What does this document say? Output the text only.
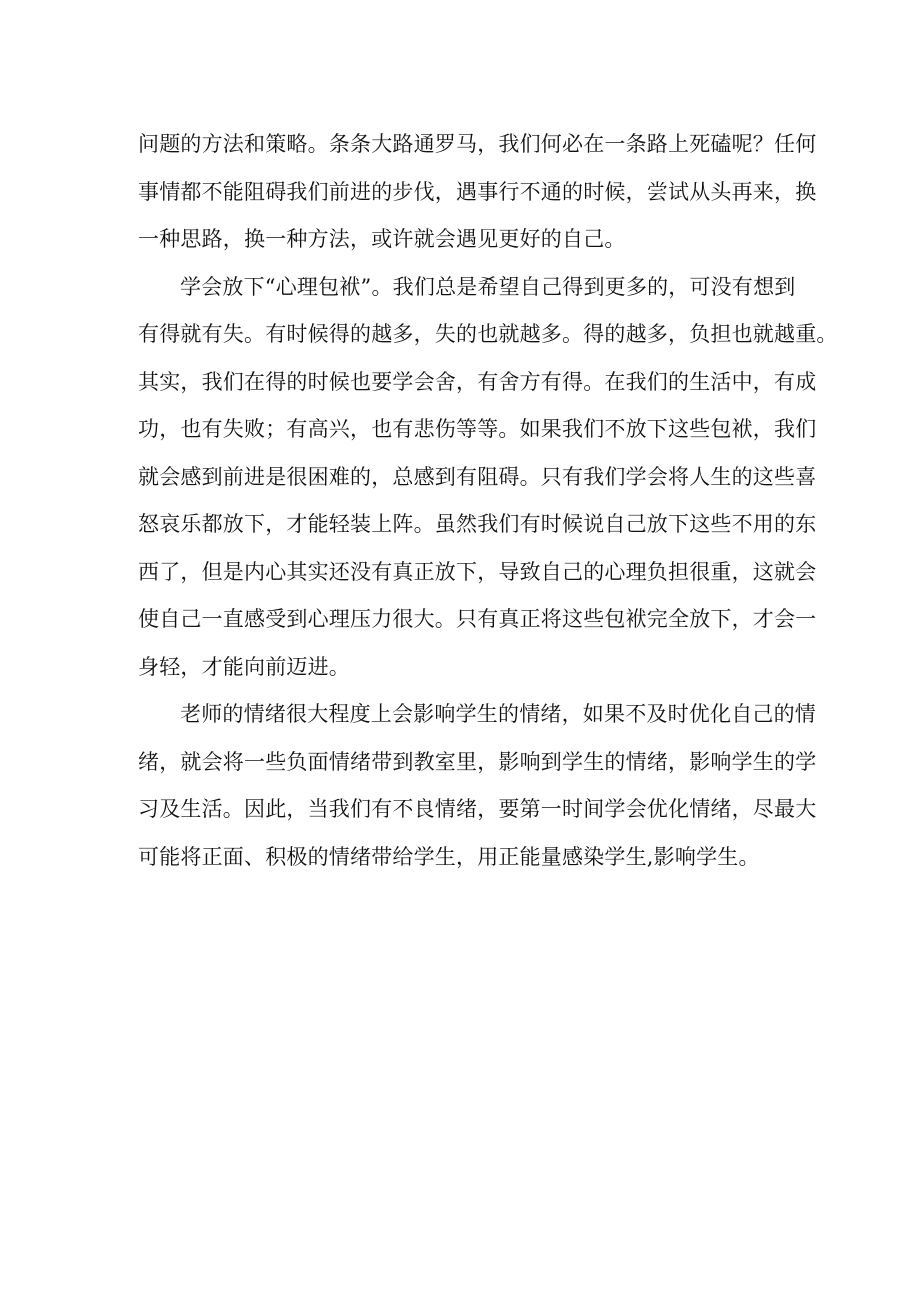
问题的方法和策略。条条大路通罗马，我们何必在一条路上死磕呢？任何
事情都不能阻碍我们前进的步伐，遇事行不通的时候，尝试从头再来，换
一种思路，换一种方法，或许就会遇见更好的自己。
学会放下“心理包袱”。我们总是希望自己得到更多的，可没有想到
有得就有失。有时候得的越多，失的也就越多。得的越多，负担也就越重。
其实，我们在得的时候也要学会舍，有舍方有得。在我们的生活中，有成
功，也有失败；有高兴，也有悲伤等等。如果我们不放下这些包袱，我们
就会感到前进是很困难的，总感到有阻碍。只有我们学会将人生的这些喜
怒哀乐都放下，才能轻装上阵。虽然我们有时候说自己放下这些不用的东
西了，但是内心其实还没有真正放下，导致自己的心理负担很重，这就会
使自己一直感受到心理压力很大。只有真正将这些包袱完全放下，才会一
身轻，才能向前迈进。
老师的情绪很大程度上会影响学生的情绪，如果不及时优化自己的情
绪，就会将一些负面情绪带到教室里，影响到学生的情绪，影响学生的学
习及生活。因此，当我们有不良情绪，要第一时间学会优化情绪，尽最大
可能将正面、积极的情绪带给学生，用正能量感染学生,影响学生。
